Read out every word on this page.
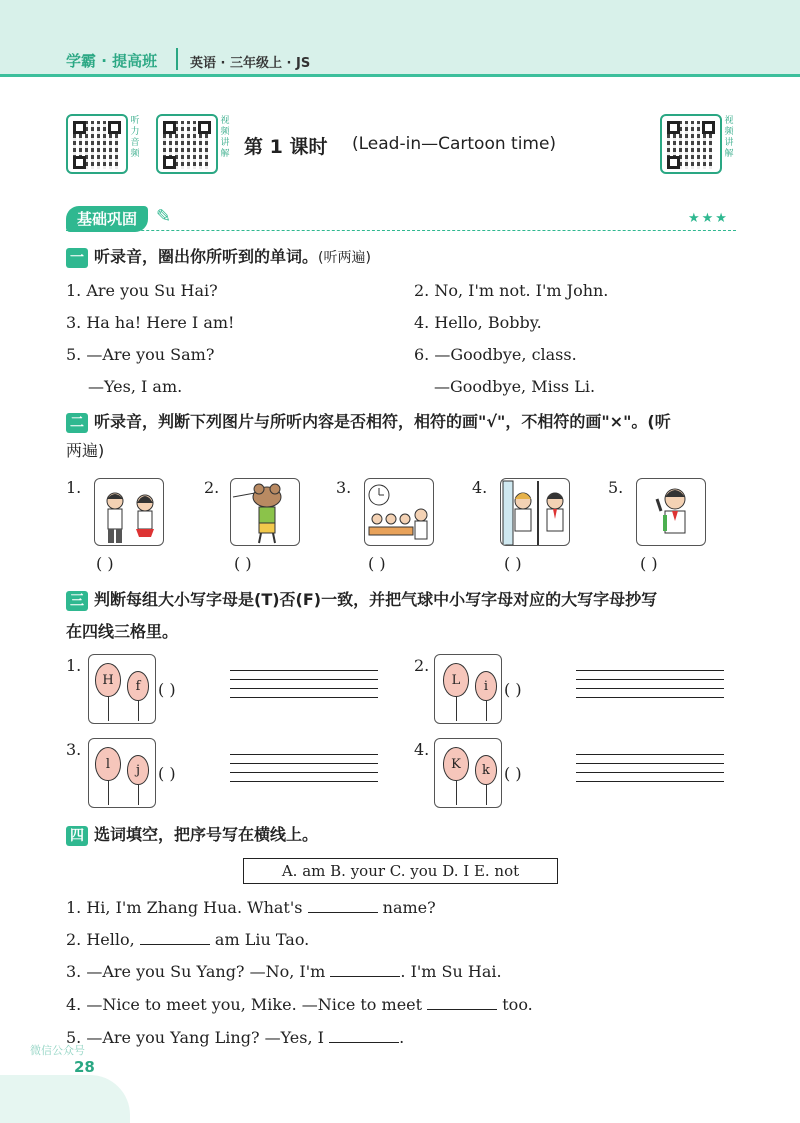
学霸 · 提高班	英语 · 三年级上 · JS
听力音频
视频讲解
视频讲解
第 1 课时 (Lead-in—Cartoon time)
基础巩固	✎	★★★
一 听录音，圈出你所听到的单词。(听两遍)
1. Are you Su Hai?	2. No, I'm not. I'm John.
3. Ha ha! Here I am!	4. Hello, Bobby.
5. —Are you Sam?	6. —Goodbye, class.
—Yes, I am.	—Goodbye, Miss Li.
二 听录音，判断下列图片与所听内容是否相符，相符的画"√"，不相符的画"×"。(听
两遍)
1.	2.	3.	4.	5.
( )	( )	( )	( )	( )
三 判断每组大小写字母是(T)否(F)一致，并把气球中小写字母对应的大写字母抄写
在四线三格里。
1.
H	f	( )
2.
L	i ( )
3.
l	j	( )
4.
K	k ( )
四 选词填空，把序号写在横线上。
A. am B. your C. you D. I E. not
1. Hi, I'm Zhang Hua. What's	name?
2. Hello,	am Liu Tao.
3. —Are you Su Yang? —No, I'm	. I'm Su Hai.
4. —Nice to meet you, Mike. —Nice to meet	too.
5. —Are you Yang Ling? —Yes, I	.
微信公众号
28
